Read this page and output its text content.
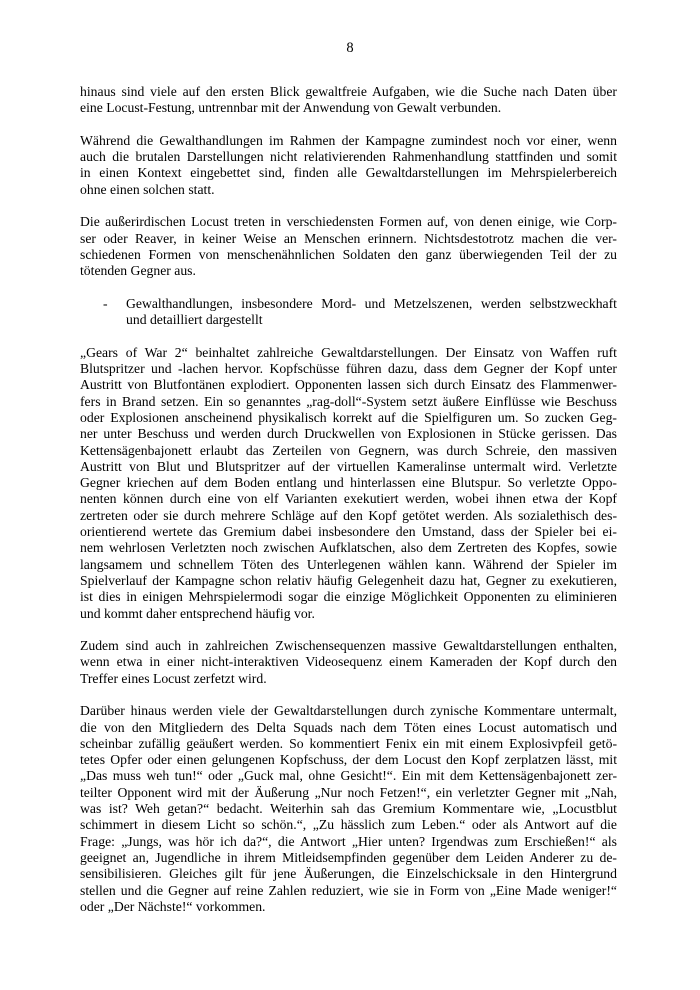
8
hinaus sind viele auf den ersten Blick gewaltfreie Aufgaben, wie die Suche nach Daten über
eine Locust-Festung, untrennbar mit der Anwendung von Gewalt verbunden.
Während die Gewalthandlungen im Rahmen der Kampagne zumindest noch vor einer, wenn
auch die brutalen Darstellungen nicht relativierenden Rahmenhandlung stattfinden und somit
in einen Kontext eingebettet sind, finden alle Gewaltdarstellungen im Mehrspielerbereich
ohne einen solchen statt.
Die außerirdischen Locust treten in verschiedensten Formen auf, von denen einige, wie Corp-
ser oder Reaver, in keiner Weise an Menschen erinnern. Nichtsdestotrotz machen die ver-
schiedenen Formen von menschenähnlichen Soldaten den ganz überwiegenden Teil der zu
tötenden Gegner aus.
-	Gewalthandlungen, insbesondere Mord- und Metzelszenen, werden selbstzweckhaft
und detailliert dargestellt
„Gears of War 2“ beinhaltet zahlreiche Gewaltdarstellungen. Der Einsatz von Waffen ruft
Blutspritzer und -lachen hervor. Kopfschüsse führen dazu, dass dem Gegner der Kopf unter
Austritt von Blutfontänen explodiert. Opponenten lassen sich durch Einsatz des Flammenwer-
fers in Brand setzen. Ein so genanntes „rag-doll“-System setzt äußere Einflüsse wie Beschuss
oder Explosionen anscheinend physikalisch korrekt auf die Spielfiguren um. So zucken Geg-
ner unter Beschuss und werden durch Druckwellen von Explosionen in Stücke gerissen. Das
Kettensägenbajonett erlaubt das Zerteilen von Gegnern, was durch Schreie, den massiven
Austritt von Blut und Blutspritzer auf der virtuellen Kameralinse untermalt wird. Verletzte
Gegner kriechen auf dem Boden entlang und hinterlassen eine Blutspur. So verletzte Oppo-
nenten können durch eine von elf Varianten exekutiert werden, wobei ihnen etwa der Kopf
zertreten oder sie durch mehrere Schläge auf den Kopf getötet werden. Als sozialethisch des-
orientierend wertete das Gremium dabei insbesondere den Umstand, dass der Spieler bei ei-
nem wehrlosen Verletzten noch zwischen Aufklatschen, also dem Zertreten des Kopfes, sowie
langsamem und schnellem Töten des Unterlegenen wählen kann. Während der Spieler im
Spielverlauf der Kampagne schon relativ häufig Gelegenheit dazu hat, Gegner zu exekutieren,
ist dies in einigen Mehrspielermodi sogar die einzige Möglichkeit Opponenten zu eliminieren
und kommt daher entsprechend häufig vor.
Zudem sind auch in zahlreichen Zwischensequenzen massive Gewaltdarstellungen enthalten,
wenn etwa in einer nicht-interaktiven Videosequenz einem Kameraden der Kopf durch den
Treffer eines Locust zerfetzt wird.
Darüber hinaus werden viele der Gewaltdarstellungen durch zynische Kommentare untermalt,
die von den Mitgliedern des Delta Squads nach dem Töten eines Locust automatisch und
scheinbar zufällig geäußert werden. So kommentiert Fenix ein mit einem Explosivpfeil getö-
tetes Opfer oder einen gelungenen Kopfschuss, der dem Locust den Kopf zerplatzen lässt, mit
„Das muss weh tun!“ oder „Guck mal, ohne Gesicht!“. Ein mit dem Kettensägenbajonett zer-
teilter Opponent wird mit der Äußerung „Nur noch Fetzen!“, ein verletzter Gegner mit „Nah,
was ist? Weh getan?“ bedacht. Weiterhin sah das Gremium Kommentare wie, „Locustblut
schimmert in diesem Licht so schön.“, „Zu hässlich zum Leben.“ oder als Antwort auf die
Frage: „Jungs, was hör ich da?“, die Antwort „Hier unten? Irgendwas zum Erschießen!“ als
geeignet an, Jugendliche in ihrem Mitleidsempfinden gegenüber dem Leiden Anderer zu de-
sensibilisieren. Gleiches gilt für jene Äußerungen, die Einzelschicksale in den Hintergrund
stellen und die Gegner auf reine Zahlen reduziert, wie sie in Form von „Eine Made weniger!“
oder „Der Nächste!“ vorkommen.
